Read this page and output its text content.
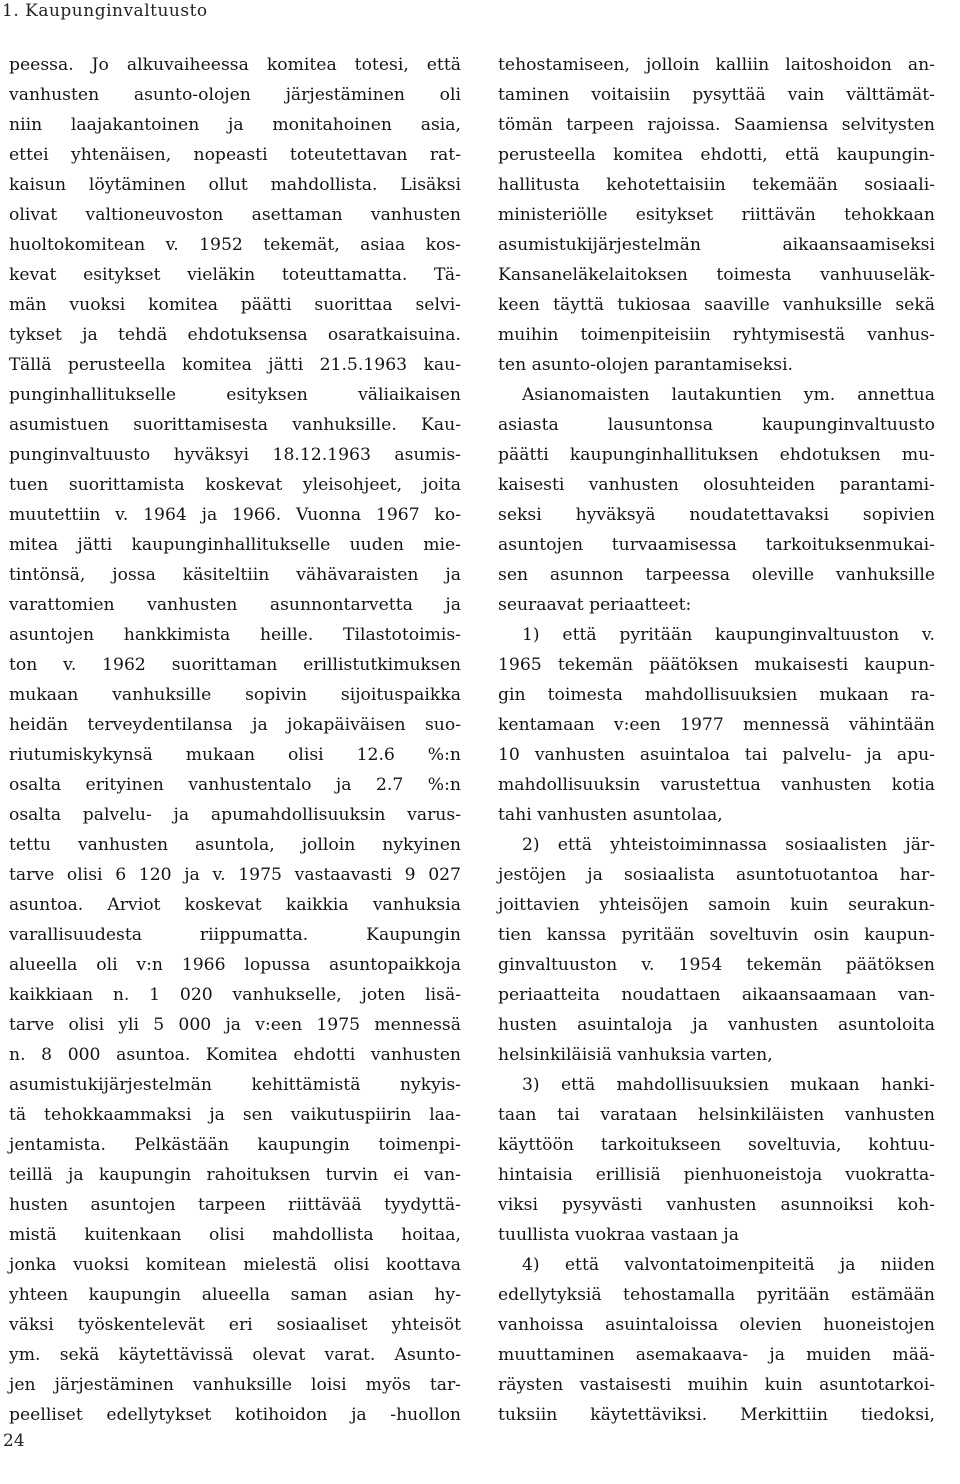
1. Kaupunginvaltuusto
peessa. Jo alkuvaiheessa komitea totesi, että
vanhusten asunto-olojen järjestäminen oli
niin laajakantoinen ja monitahoinen asia,
ettei yhtenäisen, nopeasti toteutettavan rat-
kaisun löytäminen ollut mahdollista. Lisäksi
olivat valtioneuvoston asettaman vanhusten
huoltokomitean v. 1952 tekemät, asiaa kos-
kevat esitykset vieläkin toteuttamatta. Tä-
män vuoksi komitea päätti suorittaa selvi-
tykset ja tehdä ehdotuksensa osaratkaisuina.
Tällä perusteella komitea jätti 21.5.1963 kau-
punginhallitukselle esityksen väliaikaisen
asumistuen suorittamisesta vanhuksille. Kau-
punginvaltuusto hyväksyi 18.12.1963 asumis-
tuen suorittamista koskevat yleisohjeet, joita
muutettiin v. 1964 ja 1966. Vuonna 1967 ko-
mitea jätti kaupunginhallitukselle uuden mie-
tintönsä, jossa käsiteltiin vähävaraisten ja
varattomien vanhusten asunnontarvetta ja
asuntojen hankkimista heille. Tilastotoimis-
ton v. 1962 suorittaman erillistutkimuksen
mukaan vanhuksille sopivin sijoituspaikka
heidän terveydentilansa ja jokapäiväisen suo-
riutumiskykynsä mukaan olisi 12.6 %:n
osalta erityinen vanhustentalo ja 2.7 %:n
osalta palvelu- ja apumahdollisuuksin varus-
tettu vanhusten asuntola, jolloin nykyinen
tarve olisi 6 120 ja v. 1975 vastaavasti 9 027
asuntoa. Arviot koskevat kaikkia vanhuksia
varallisuudesta riippumatta. Kaupungin
alueella oli v:n 1966 lopussa asuntopaikkoja
kaikkiaan n. 1 020 vanhukselle, joten lisä-
tarve olisi yli 5 000 ja v:een 1975 mennessä
n. 8 000 asuntoa. Komitea ehdotti vanhusten
asumistukijärjestelmän kehittämistä nykyis-
tä tehokkaammaksi ja sen vaikutuspiirin laa-
jentamista. Pelkästään kaupungin toimenpi-
teillä ja kaupungin rahoituksen turvin ei van-
husten asuntojen tarpeen riittävää tyydyttä-
mistä kuitenkaan olisi mahdollista hoitaa,
jonka vuoksi komitean mielestä olisi koottava
yhteen kaupungin alueella saman asian hy-
väksi työskentelevät eri sosiaaliset yhteisöt
ym. sekä käytettävissä olevat varat. Asunto-
jen järjestäminen vanhuksille loisi myös tar-
peelliset edellytykset kotihoidon ja -huollon
tehostamiseen, jolloin kalliin laitoshoidon an-
taminen voitaisiin pysyttää vain välttämät-
tömän tarpeen rajoissa. Saamiensa selvitysten
perusteella komitea ehdotti, että kaupungin-
hallitusta kehotettaisiin tekemään sosiaali-
ministeriölle esitykset riittävän tehokkaan
asumistukijärjestelmän aikaansaamiseksi
Kansaneläkelaitoksen toimesta vanhuuseläk-
keen täyttä tukiosaa saaville vanhuksille sekä
muihin toimenpiteisiin ryhtymisestä vanhus-
ten asunto-olojen parantamiseksi.
Asianomaisten lautakuntien ym. annettua
asiasta lausuntonsa kaupunginvaltuusto
päätti kaupunginhallituksen ehdotuksen mu-
kaisesti vanhusten olosuhteiden parantami-
seksi hyväksyä noudatettavaksi sopivien
asuntojen turvaamisessa tarkoituksenmukai-
sen asunnon tarpeessa oleville vanhuksille
seuraavat periaatteet:
1) että pyritään kaupunginvaltuuston v.
1965 tekemän päätöksen mukaisesti kaupun-
gin toimesta mahdollisuuksien mukaan ra-
kentamaan v:een 1977 mennessä vähintään
10 vanhusten asuintaloa tai palvelu- ja apu-
mahdollisuuksin varustettua vanhusten kotia
tahi vanhusten asuntolaa,
2) että yhteistoiminnassa sosiaalisten jär-
jestöjen ja sosiaalista asuntotuotantoa har-
joittavien yhteisöjen samoin kuin seurakun-
tien kanssa pyritään soveltuvin osin kaupun-
ginvaltuuston v. 1954 tekemän päätöksen
periaatteita noudattaen aikaansaamaan van-
husten asuintaloja ja vanhusten asuntoloita
helsinkiläisiä vanhuksia varten,
3) että mahdollisuuksien mukaan hanki-
taan tai varataan helsinkiläisten vanhusten
käyttöön tarkoitukseen soveltuvia, kohtuu-
hintaisia erillisiä pienhuoneistoja vuokratta-
viksi pysyvästi vanhusten asunnoiksi koh-
tuullista vuokraa vastaan ja
4) että valvontatoimenpiteitä ja niiden
edellytyksiä tehostamalla pyritään estämään
vanhoissa asuintaloissa olevien huoneistojen
muuttaminen asemakaava- ja muiden mää-
räysten vastaisesti muihin kuin asuntotarkoi-
tuksiin käytettäviksi. Merkittiin tiedoksi,
24
